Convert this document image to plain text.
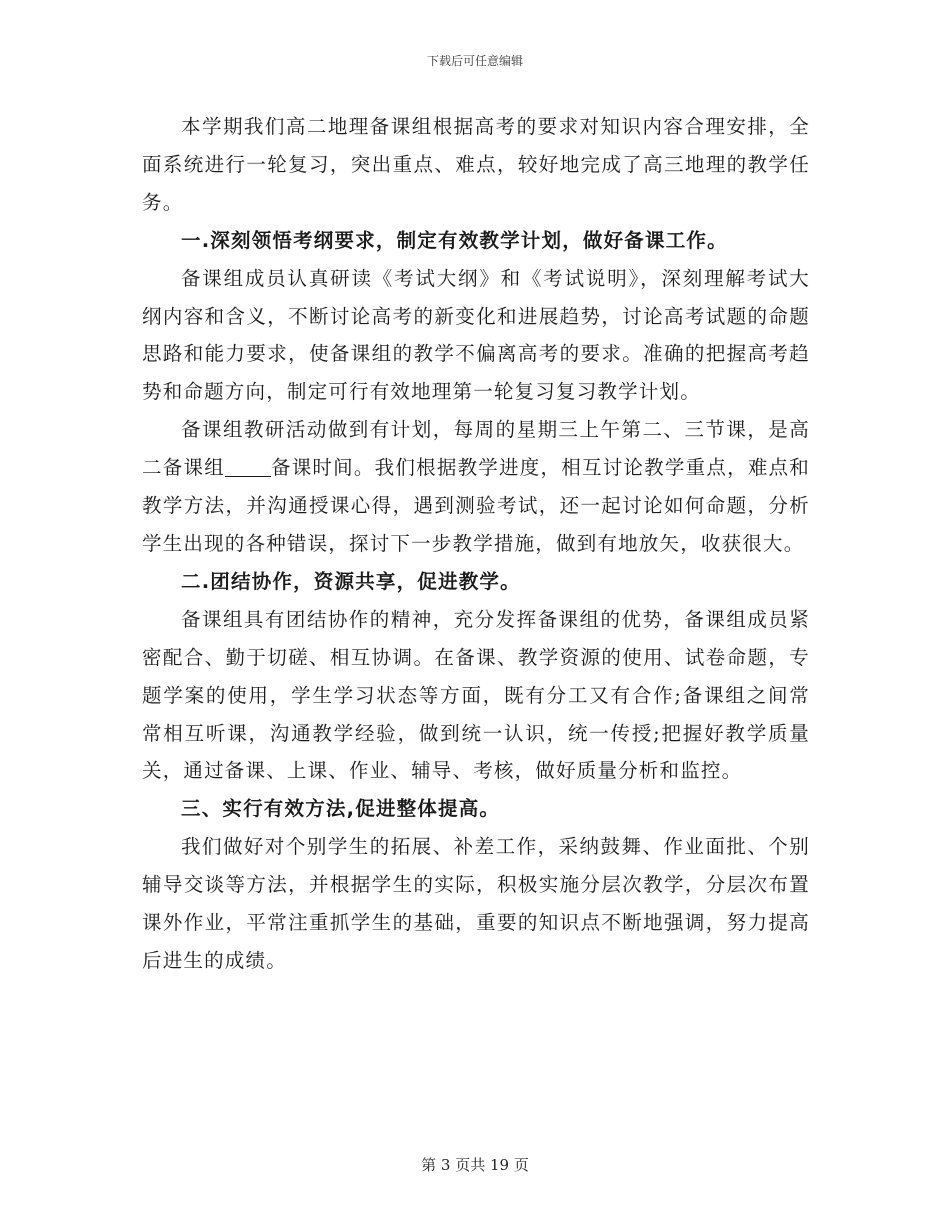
下载后可任意编辑

本学期我们高二地理备课组根据高考的要求对知识内容合理安排，全面系统进行一轮复习，突出重点、难点，较好地完成了高三地理的教学任务。

一.深刻领悟考纲要求，制定有效教学计划，做好备课工作。

备课组成员认真研读《考试大纲》和《考试说明》，深刻理解考试大纲内容和含义，不断讨论高考的新变化和进展趋势，讨论高考试题的命题思路和能力要求，使备课组的教学不偏离高考的要求。准确的把握高考趋势和命题方向，制定可行有效地理第一轮复习复习教学计划。

备课组教研活动做到有计划，每周的星期三上午第二、三节课，是高二备课组 备课时间。我们根据教学进度，相互讨论教学重点，难点和教学方法，并沟通授课心得，遇到测验考试，还一起讨论如何命题，分析学生出现的各种错误，探讨下一步教学措施，做到有地放矢，收获很大。

二.团结协作，资源共享，促进教学。

备课组具有团结协作的精神，充分发挥备课组的优势，备课组成员紧密配合、勤于切磋、相互协调。在备课、教学资源的使用、试卷命题，专题学案的使用，学生学习状态等方面，既有分工又有合作;备课组之间常常相互听课，沟通教学经验，做到统一认识，统一传授;把握好教学质量关，通过备课、上课、作业、辅导、考核，做好质量分析和监控。

三、实行有效方法,促进整体提高。

我们做好对个别学生的拓展、补差工作，采纳鼓舞、作业面批、个别辅导交谈等方法，并根据学生的实际，积极实施分层次教学，分层次布置课外作业，平常注重抓学生的基础，重要的知识点不断地强调，努力提高后进生的成绩。

第 3 页共 19 页
